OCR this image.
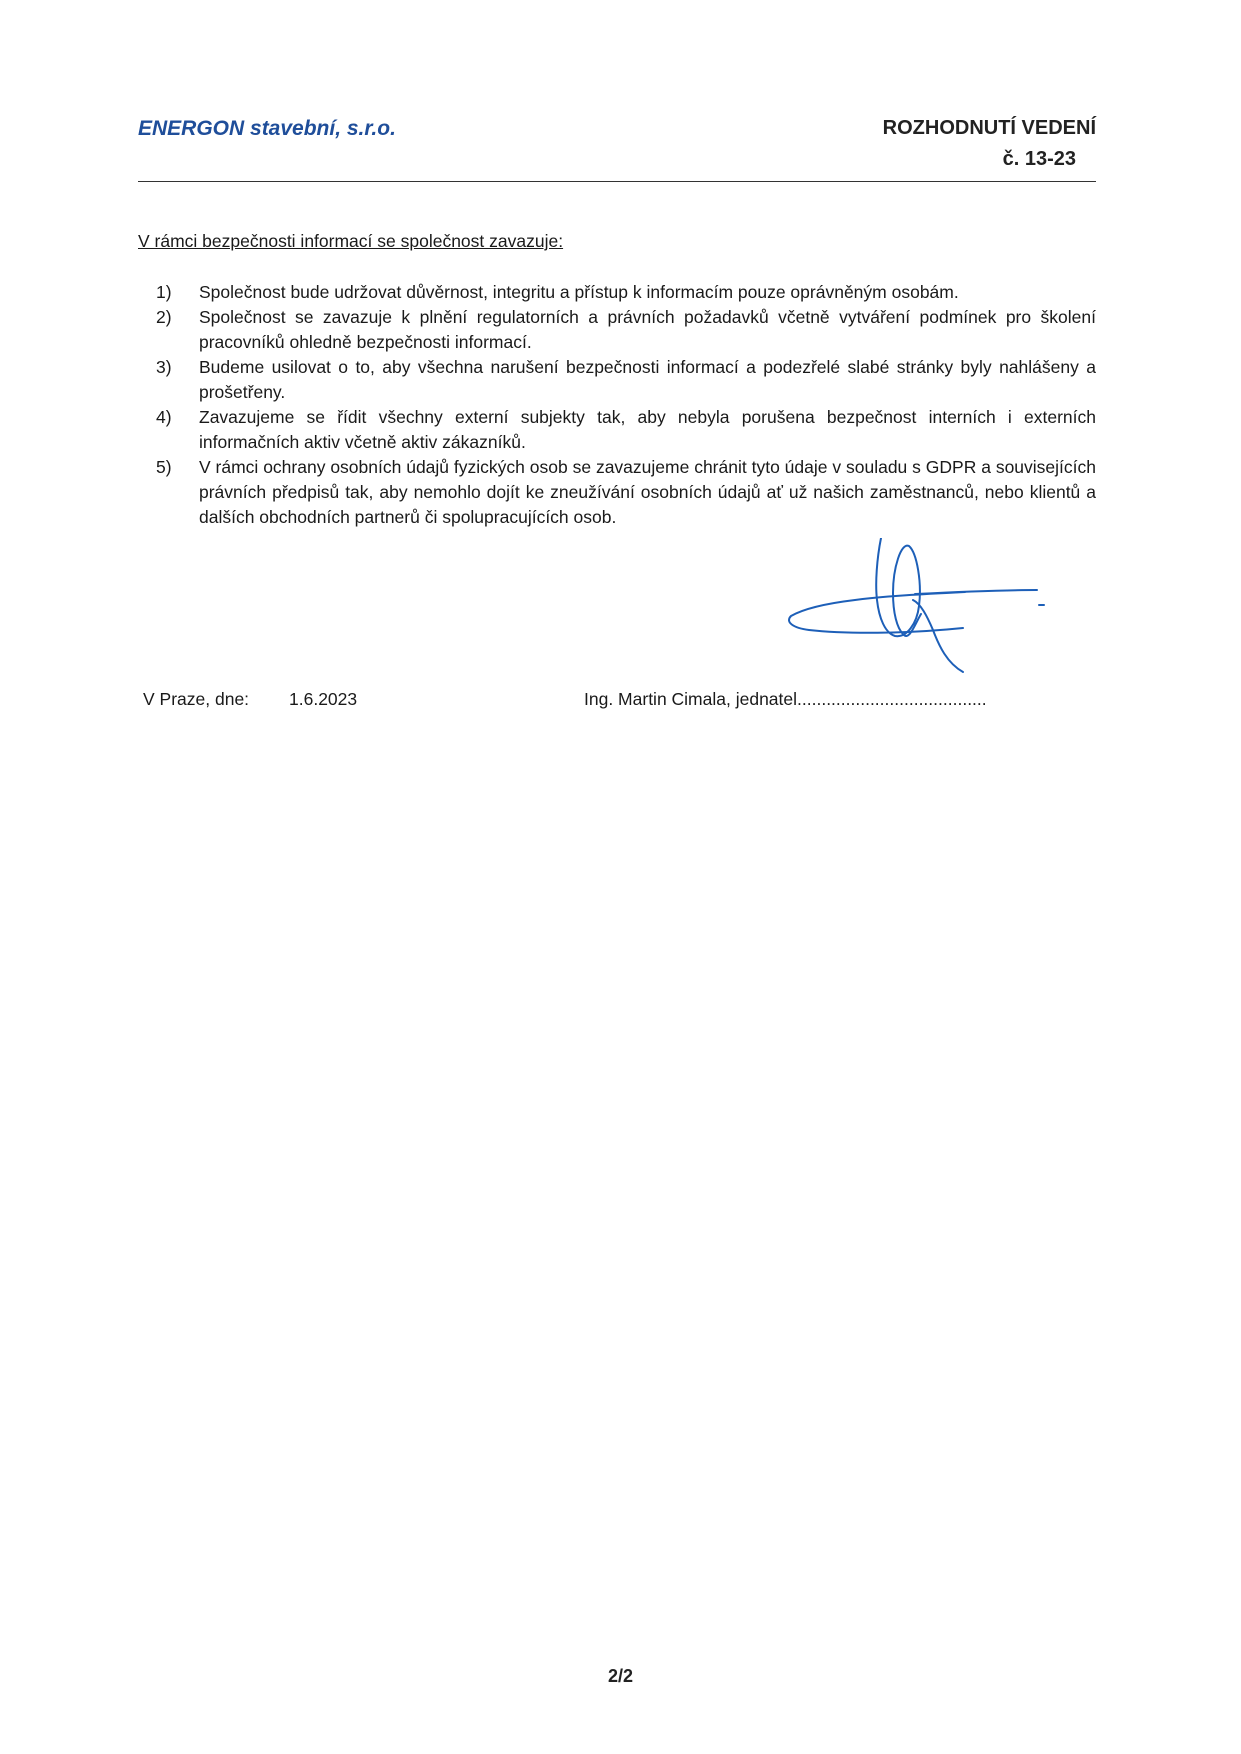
ENERGON stavební, s.r.o.	ROZHODNUTÍ VEDENÍ
č. 13-23
V rámci bezpečnosti informací se společnost zavazuje:
1) Společnost bude udržovat důvěrnost, integritu a přístup k informacím pouze oprávněným osobám.
2) Společnost se zavazuje k plnění regulatorních a právních požadavků včetně vytváření podmínek pro školení pracovníků ohledně bezpečnosti informací.
3) Budeme usilovat o to, aby všechna narušení bezpečnosti informací a podezřelé slabé stránky byly nahlášeny a prošetřeny.
4) Zavazujeme se řídit všechny externí subjekty tak, aby nebyla porušena bezpečnost interních i externích informačních aktiv včetně aktiv zákazníků.
5) V rámci ochrany osobních údajů fyzických osob se zavazujeme chránit tyto údaje v souladu s GDPR a souvisejících právních předpisů tak, aby nemohlo dojít ke zneužívání osobních údajů ať už našich zaměstnanců, nebo klientů a dalších obchodních partnerů či spolupracujících osob.
V Praze, dne: 1.6.2023	Ing. Martin Cimala, jednatel.......................................
2/2
